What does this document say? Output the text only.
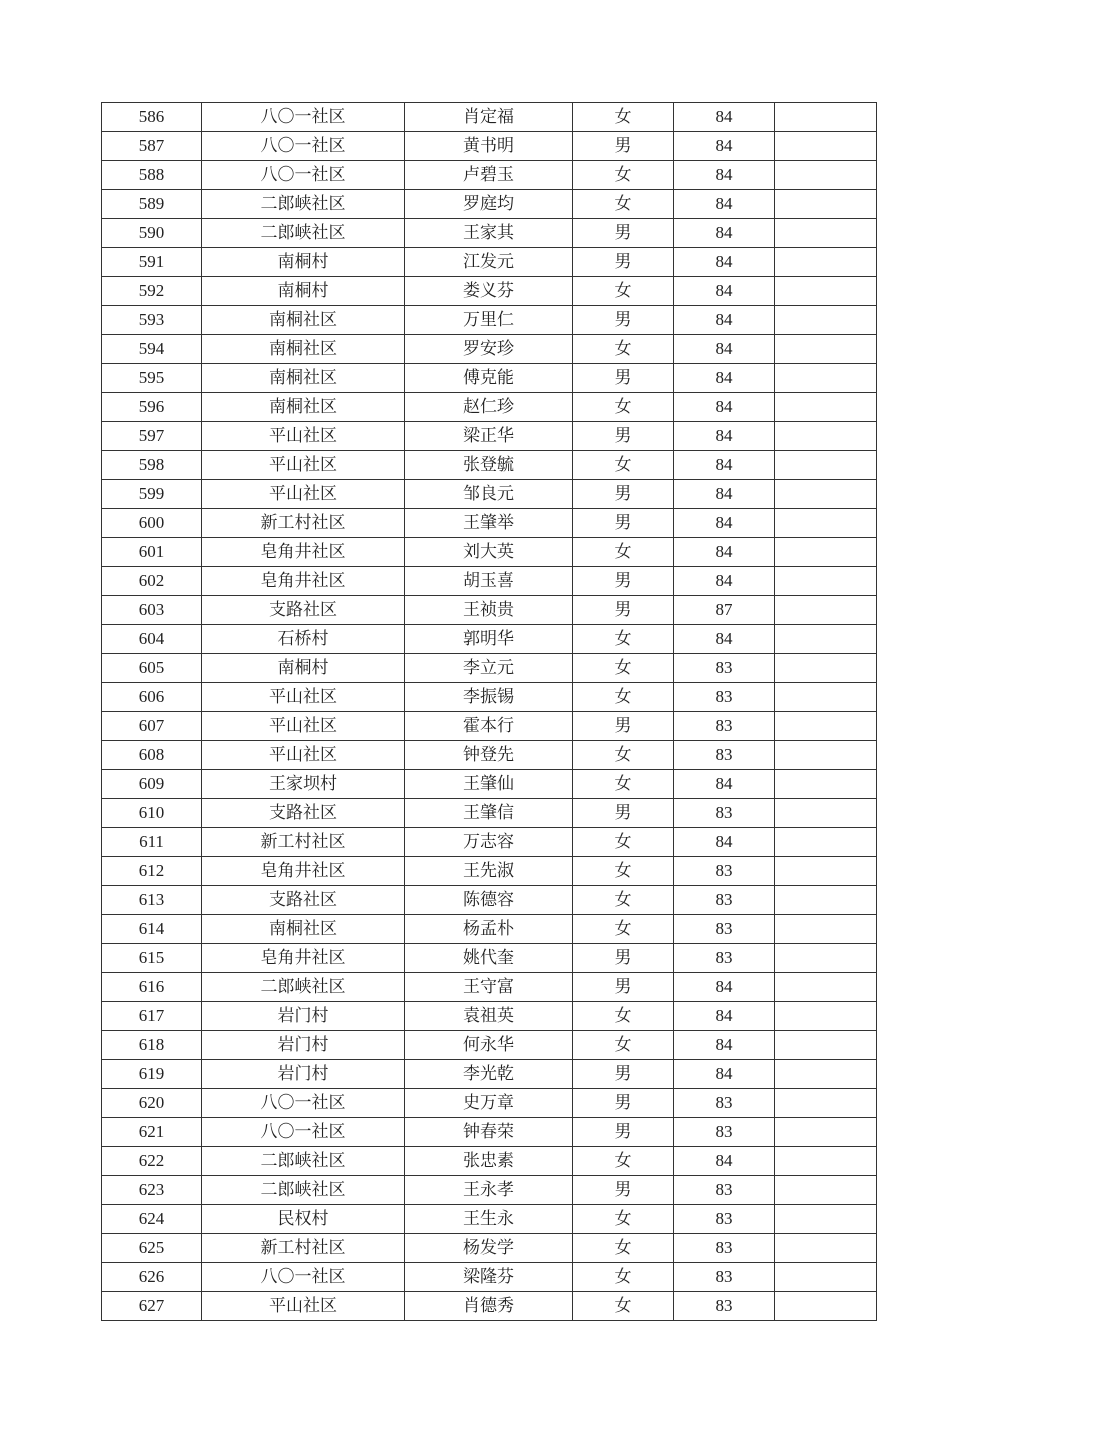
586	八〇一社区	肖定福	女	84	
587	八〇一社区	黄书明	男	84	
588	八〇一社区	卢碧玉	女	84	
589	二郎峡社区	罗庭均	女	84	
590	二郎峡社区	王家其	男	84	
591	南桐村	江发元	男	84	
592	南桐村	娄义芬	女	84	
593	南桐社区	万里仁	男	84	
594	南桐社区	罗安珍	女	84	
595	南桐社区	傅克能	男	84	
596	南桐社区	赵仁珍	女	84	
597	平山社区	梁正华	男	84	
598	平山社区	张登毓	女	84	
599	平山社区	邹良元	男	84	
600	新工村社区	王肇举	男	84	
601	皂角井社区	刘大英	女	84	
602	皂角井社区	胡玉喜	男	84	
603	支路社区	王祯贵	男	87	
604	石桥村	郭明华	女	84	
605	南桐村	李立元	女	83	
606	平山社区	李振锡	女	83	
607	平山社区	霍本行	男	83	
608	平山社区	钟登先	女	83	
609	王家坝村	王肇仙	女	84	
610	支路社区	王肇信	男	83	
611	新工村社区	万志容	女	84	
612	皂角井社区	王先淑	女	83	
613	支路社区	陈德容	女	83	
614	南桐社区	杨孟朴	女	83	
615	皂角井社区	姚代奎	男	83	
616	二郎峡社区	王守富	男	84	
617	岩门村	袁祖英	女	84	
618	岩门村	何永华	女	84	
619	岩门村	李光乾	男	84	
620	八〇一社区	史万章	男	83	
621	八〇一社区	钟春荣	男	83	
622	二郎峡社区	张忠素	女	84	
623	二郎峡社区	王永孝	男	83	
624	民权村	王生永	女	83	
625	新工村社区	杨发学	女	83	
626	八〇一社区	梁隆芬	女	83	
627	平山社区	肖德秀	女	83	
